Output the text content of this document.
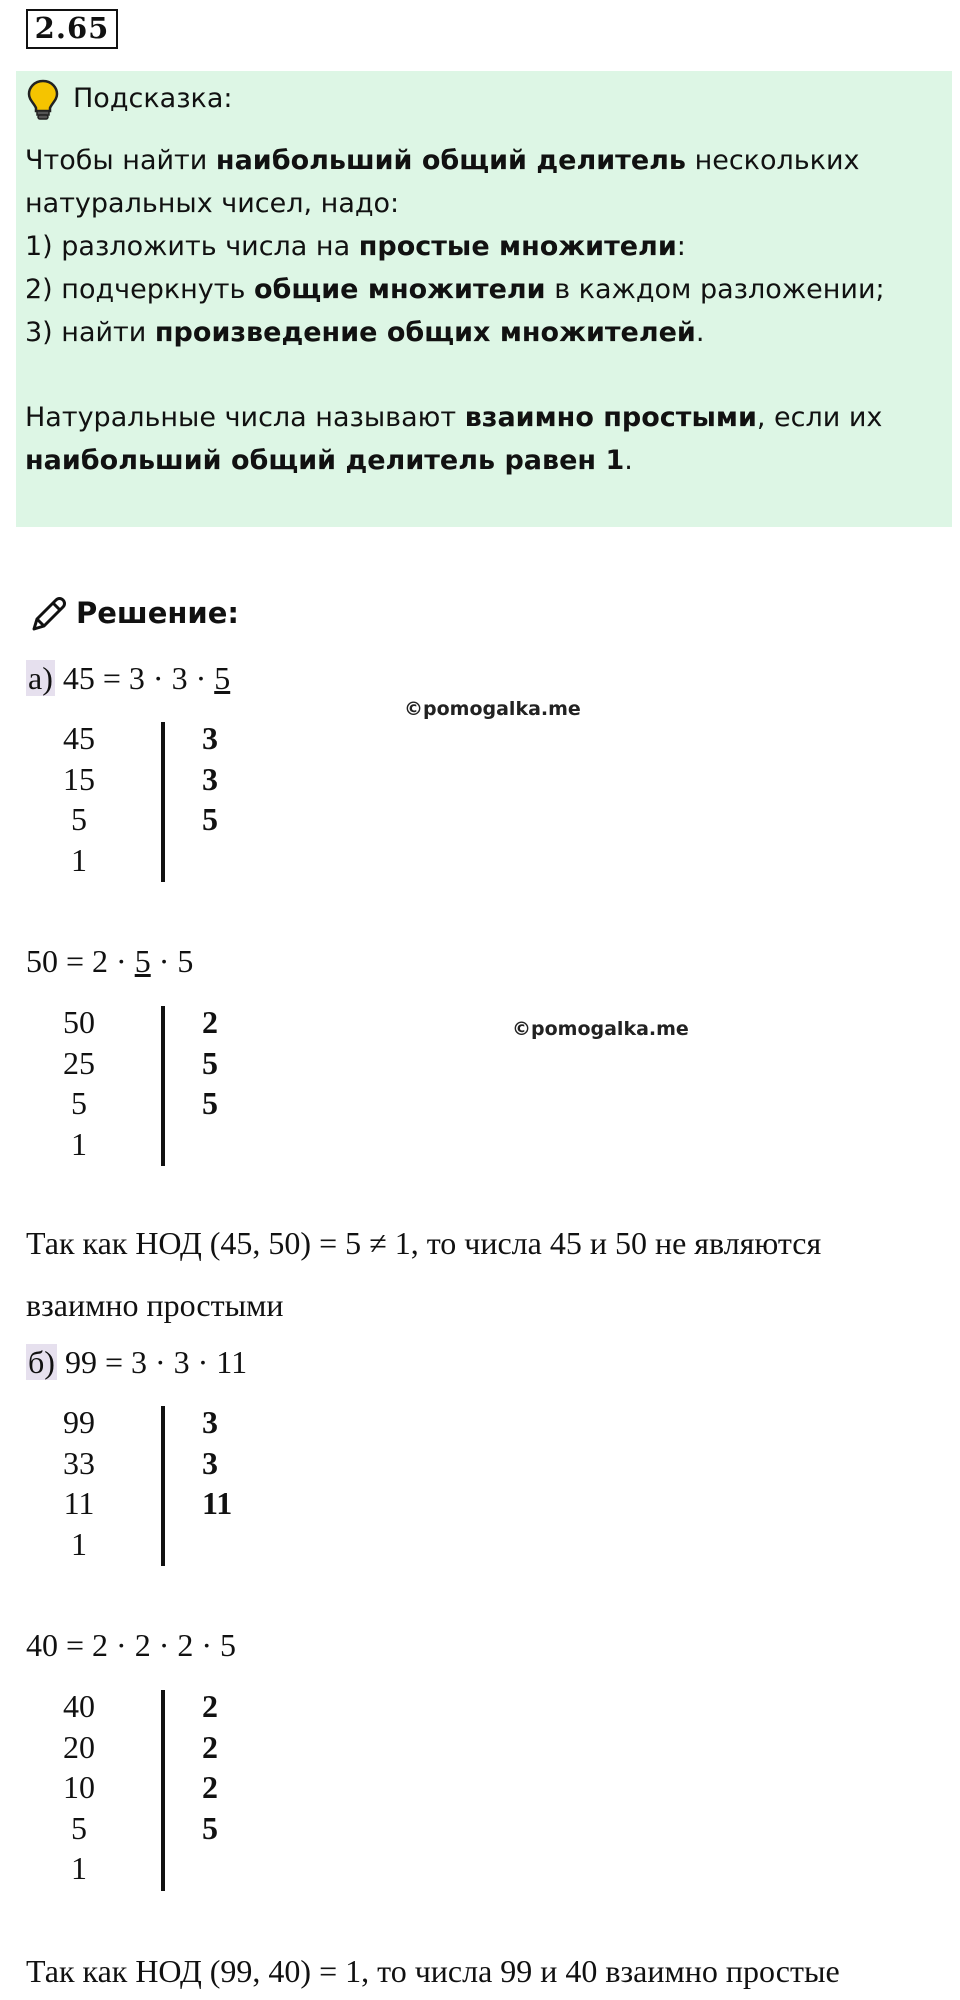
2.65
Подсказка:
Чтобы найти наибольший общий делитель нескольких
натуральных чисел, надо:
1) разложить числа на простые множители:
2) подчеркнуть общие множители в каждом разложении;
3) найти произведение общих множителей.
Натуральные числа называют взаимно простыми, если их
наибольший общий делитель равен 1.
Решение:
а) 45 = 3 · 3 · 5
©pomogalka.me
45
15
5
1
3
3
5
50 = 2 · 5 · 5
©pomogalka.me
50
25
5
1
2
5
5
Так как НОД (45, 50) = 5 ≠ 1, то числа 45 и 50 не являются
взаимно простыми
б) 99 = 3 · 3 · 11
99
33
11
1
3
3
11
40 = 2 · 2 · 2 · 5
40
20
10
5
1
2
2
2
5
Так как НОД (99, 40) = 1, то числа 99 и 40 взаимно простые
